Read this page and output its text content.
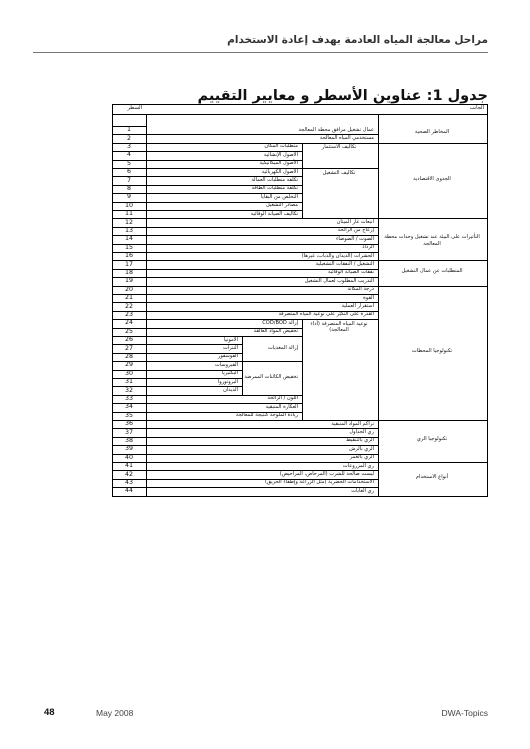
مراحل معالجة المياه العادمة بهدف إعادة الاستخدام
جدول 1: عناوين الأسطر و معايير التقييم
الجانب
السطر
المخاطر الصحية
الجدوى الاقتصادية
التأثيرات على البيئة عند تشغيل وحدات محطة المعالجة
المتطلبات عن عمال التشغيل
تكنولوجيا المحطات
تكنولوجيا الري
أنواع الاستخدام
عمال تشغيل مرافق محطة المعالجة
مستخدمي المياه المعالجة
تكاليف الاستثمار
تكاليف التشغيل
انبعاث غاز الميثان
إزعاج من الرائحة
الصوت / الضوضاء
الرذاذ
الحشرات (الديدان والذباب، غيرها)
التشغيل / النفقات التشغيلية
نفقات الصيانة الوقائية
التدريب المطلوب لعمال التشغيل
درجة المكانة
القوة
استقرار العملية
القدرة على التكيّر على نوعية المياه المتصرفة
نوعية المياه المتصرفة (أداء المعالجة)
تراكم المواد المتبقية
ري الجداول
الري بالتنقيط
الري بالرش
الري بالغمر
ري المزروعات
ليست صالحة للشرب (المرحاض، المراحيض)
الاستخدامات الحضرية (مثل الزراعة وإطفاء الحريق)
ري الغابات
متطلبات المكان
الأصول الإنشائية
الأصول الميكانيكية
الأصول الكهربائية
تكلفة متطلبات العمالة
تكلفة متطلبات الطاقة
التخلص من البقايا
مصادر التشغيل
تكاليف الصيانة الوقائية
إزالة COD/BOD
تخفيض المواد العالقة
إزالة المغذيات
تخفيض الكائنات الممرضة
اللون / الرائحة
العكارة المتبقية
زيادة الملوحة كنتيجة للمعالجة
الأمونيا
النترات
الفوسفور
الفيروسات
البكتيريا
البروتوزوا
الديدان
1
2
3
4
5
6
7
8
9
10
11
12
13
14
15
16
17
18
19
20
21
22
23
24
25
26
27
28
29
30
31
32
33
34
35
36
37
38
39
40
41
42
43
44
48	May 2008	DWA-Topics
